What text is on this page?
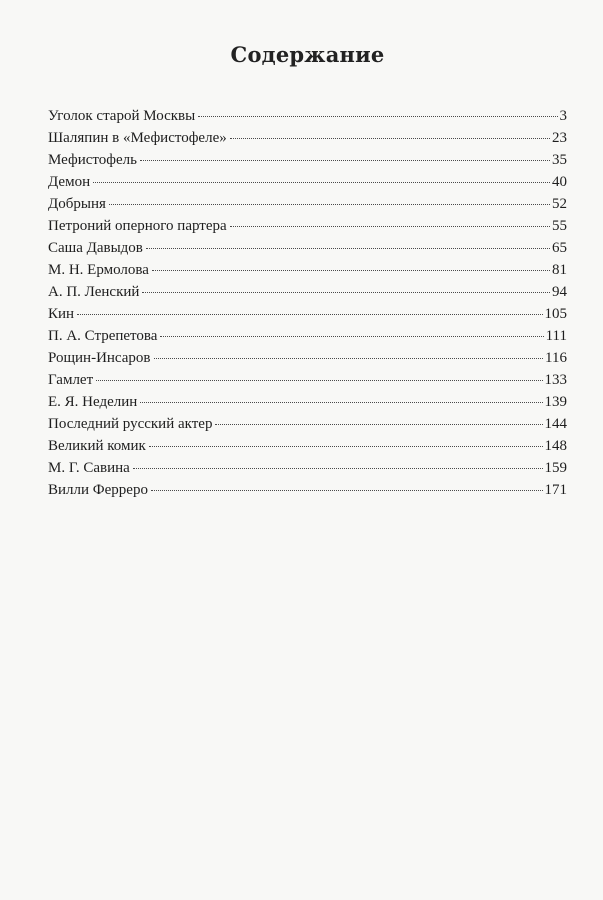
Содержание
Уголок старой Москвы	3
Шаляпин в «Мефистофеле»	23
Мефистофель	35
Демон	40
Добрыня	52
Петроний оперного партера	55
Саша Давыдов	65
М. Н. Ермолова	81
А. П. Ленский	94
Кин	105
П. А. Стрепетова	111
Рощин-Инсаров	116
Гамлет	133
Е. Я. Неделин	139
Последний русский актер	144
Великий комик	148
М. Г. Савина	159
Вилли Ферреро	171
